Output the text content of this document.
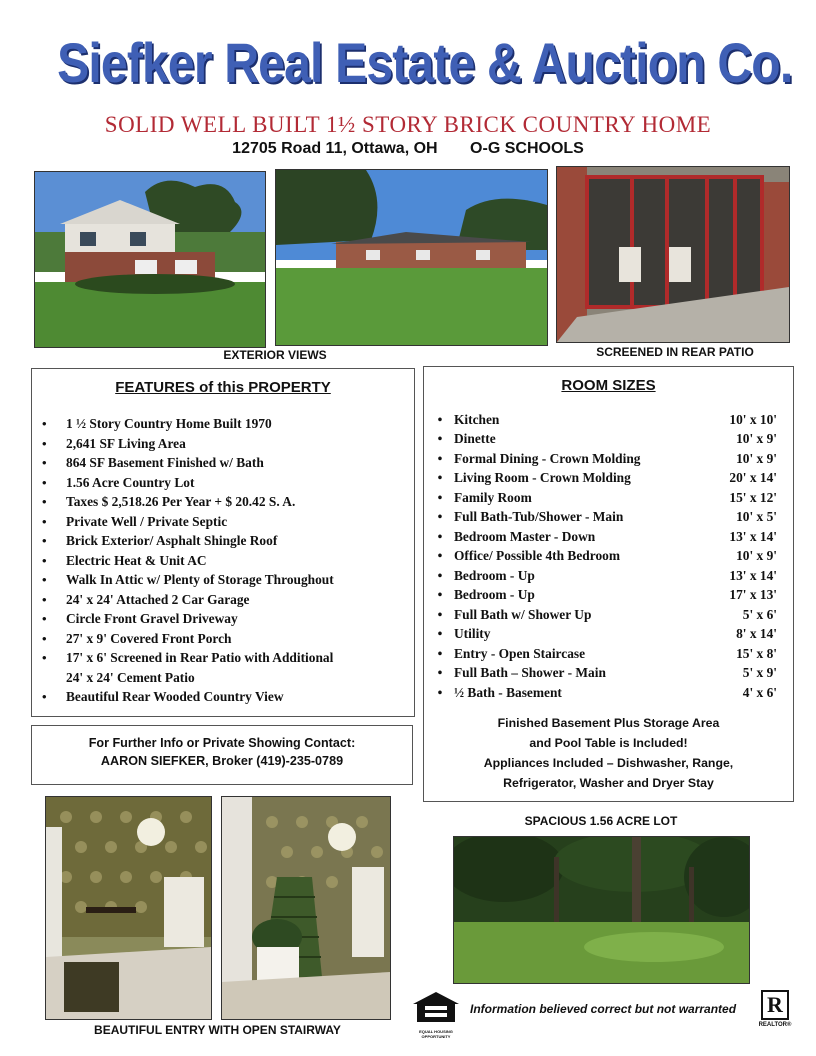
Siefker Real Estate & Auction Co.
SOLID WELL BUILT 1½ STORY BRICK COUNTRY HOME
12705 Road 11, Ottawa, OH O-G SCHOOLS
EXTERIOR VIEWS	SCREENED IN REAR PATIO
FEATURES of this PROPERTY
• 1 ½ Story Country Home Built 1970
• 2,641 SF Living Area
• 864 SF Basement Finished w/ Bath
• 1.56 Acre Country Lot
• Taxes $ 2,518.26 Per Year + $ 20.42 S. A.
• Private Well / Private Septic
• Brick Exterior/ Asphalt Shingle Roof
• Electric Heat & Unit AC
• Walk In Attic w/ Plenty of Storage Throughout
• 24' x 24' Attached 2 Car Garage
• Circle Front Gravel Driveway
• 27' x 9' Covered Front Porch
• 17' x 6' Screened in Rear Patio with Additional
24' x 24' Cement Patio
• Beautiful Rear Wooded Country View
ROOM SIZES
•	Kitchen	10' x 10'
•	Dinette	10' x 9'
•	Formal Dining - Crown Molding	10' x 9'
•	Living Room - Crown Molding	20' x 14'
•	Family Room	15' x 12'
•	Full Bath-Tub/Shower - Main	10' x 5'
•	Bedroom Master - Down	13' x 14'
•	Office/ Possible 4th Bedroom	10' x 9'
•	Bedroom - Up	13' x 14'
•	Bedroom - Up	17' x 13'
•	Full Bath w/ Shower Up	5' x 6'
•	Utility	8' x 14'
•	Entry - Open Staircase	15' x 8'
•	Full Bath – Shower - Main	5' x 9'
•	½ Bath - Basement	4' x 6'
Finished Basement Plus Storage Area
and Pool Table is Included!
Appliances Included – Dishwasher, Range,
Refrigerator, Washer and Dryer Stay
For Further Info or Private Showing Contact:
AARON SIEFKER, Broker (419)-235-0789
BEAUTIFUL ENTRY WITH OPEN STAIRWAY
SPACIOUS 1.56 ACRE LOT
EQUAL HOUSING OPPORTUNITY
Information believed correct but not warranted	R
REALTOR®
